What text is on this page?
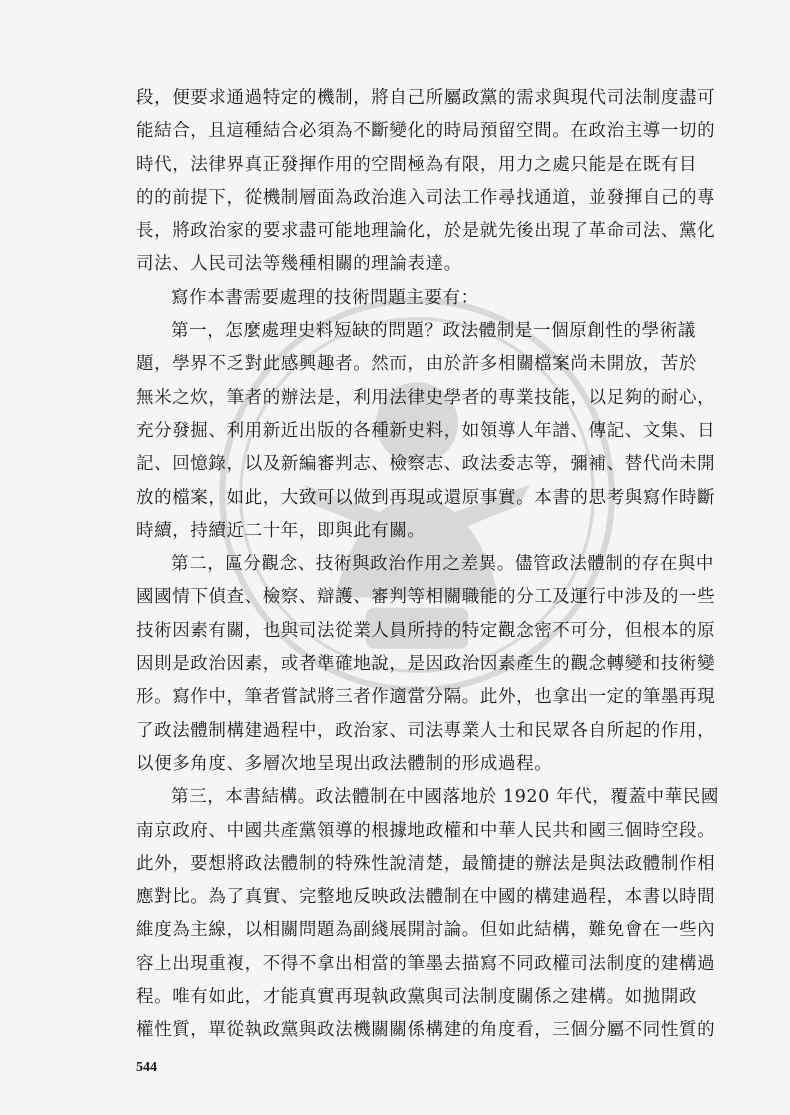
段，便要求通過特定的機制，將自己所屬政黨的需求與現代司法制度盡可
能結合，且這種結合必須為不斷變化的時局預留空間。在政治主導一切的
時代，法律界真正發揮作用的空間極為有限，用力之處只能是在既有目
的的前提下，從機制層面為政治進入司法工作尋找通道，並發揮自己的專
長，將政治家的要求盡可能地理論化，於是就先後出現了革命司法、黨化
司法、人民司法等幾種相關的理論表達。
寫作本書需要處理的技術問題主要有：
第一，怎麼處理史料短缺的問題？政法體制是一個原創性的學術議
題，學界不乏對此感興趣者。然而，由於許多相關檔案尚未開放，苦於
無米之炊，筆者的辦法是，利用法律史學者的專業技能，以足夠的耐心，
充分發掘、利用新近出版的各種新史料，如領導人年譜、傳記、文集、日
記、回憶錄，以及新編審判志、檢察志、政法委志等，彌補、替代尚未開
放的檔案，如此，大致可以做到再現或還原事實。本書的思考與寫作時斷
時續，持續近二十年，即與此有關。
第二，區分觀念、技術與政治作用之差異。儘管政法體制的存在與中
國國情下偵查、檢察、辯護、審判等相關職能的分工及運行中涉及的一些
技術因素有關，也與司法從業人員所持的特定觀念密不可分，但根本的原
因則是政治因素，或者準確地說，是因政治因素產生的觀念轉變和技術變
形。寫作中，筆者嘗試將三者作適當分隔。此外，也拿出一定的筆墨再現
了政法體制構建過程中，政治家、司法專業人士和民眾各自所起的作用，
以便多角度、多層次地呈現出政法體制的形成過程。
第三，本書結構。政法體制在中國落地於 1920 年代，覆蓋中華民國
南京政府、中國共產黨領導的根據地政權和中華人民共和國三個時空段。
此外，要想將政法體制的特殊性說清楚，最簡捷的辦法是與法政體制作相
應對比。為了真實、完整地反映政法體制在中國的構建過程，本書以時間
維度為主線，以相關問題為副綫展開討論。但如此結構，難免會在一些內
容上出現重複，不得不拿出相當的筆墨去描寫不同政權司法制度的建構過
程。唯有如此，才能真實再現執政黨與司法制度關係之建構。如拋開政
權性質，單從執政黨與政法機關關係構建的角度看，三個分屬不同性質的
544
